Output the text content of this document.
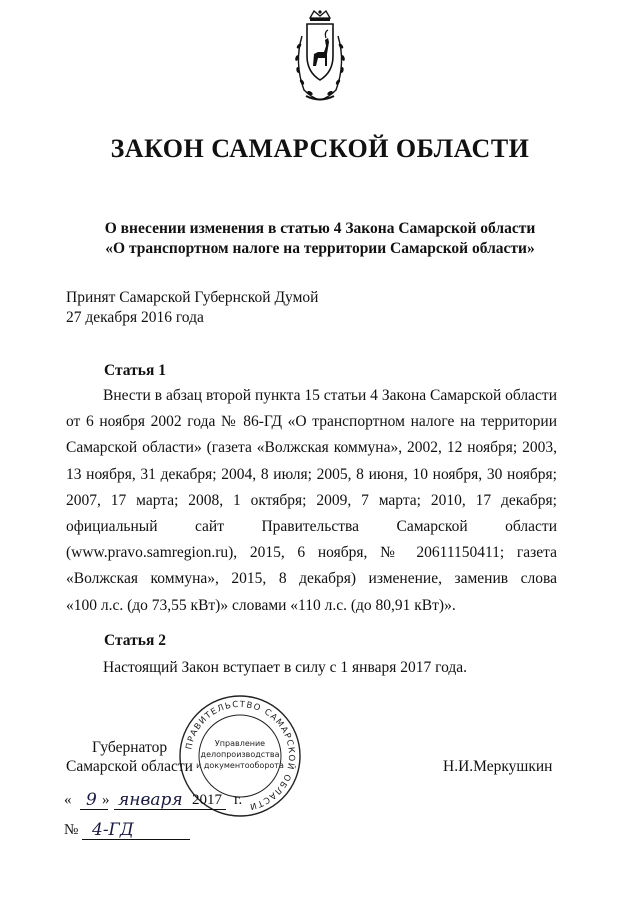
ЗАКОН САМАРСКОЙ ОБЛАСТИ
О внесении изменения в статью 4 Закона Самарской области
«О транспортном налоге на территории Самарской области»
Принят Самарской Губернской Думой
27 декабря 2016 года
Статья 1

Внести в абзац второй пункта 15 статьи 4 Закона Самарской области

от 6 ноября 2002 года № 86-ГД «О транспортном налоге на территории

Самарской области» (газета «Волжская коммуна», 2002, 12 ноября; 2003,

13 ноября, 31 декабря; 2004, 8 июля; 2005, 8 июня, 10 ноября, 30 ноября;

2007, 17 марта; 2008, 1 октября; 2009, 7 марта; 2010, 17 декабря;

официальный сайт Правительства Самарской области

(www.pravo.samregion.ru), 2015, 6 ноября, № 20611150411; газета

«Волжская коммуна», 2015, 8 декабря) изменение, заменив слова

«100 л.с. (до 73,55 кВт)» словами «110 л.с. (до 80,91 кВт)».

Статья 2
Настоящий Закон вступает в силу с 1 января 2017 года.
ПРАВИТЕЛЬСТВО САМАРСКОЙ ОБЛАСТИ
Управление
делопроизводства
и документооборота
Губернатор
Самарской области	Н.И.Меркушкин
« 9 » января 2017 г.
№ 4-ГД
